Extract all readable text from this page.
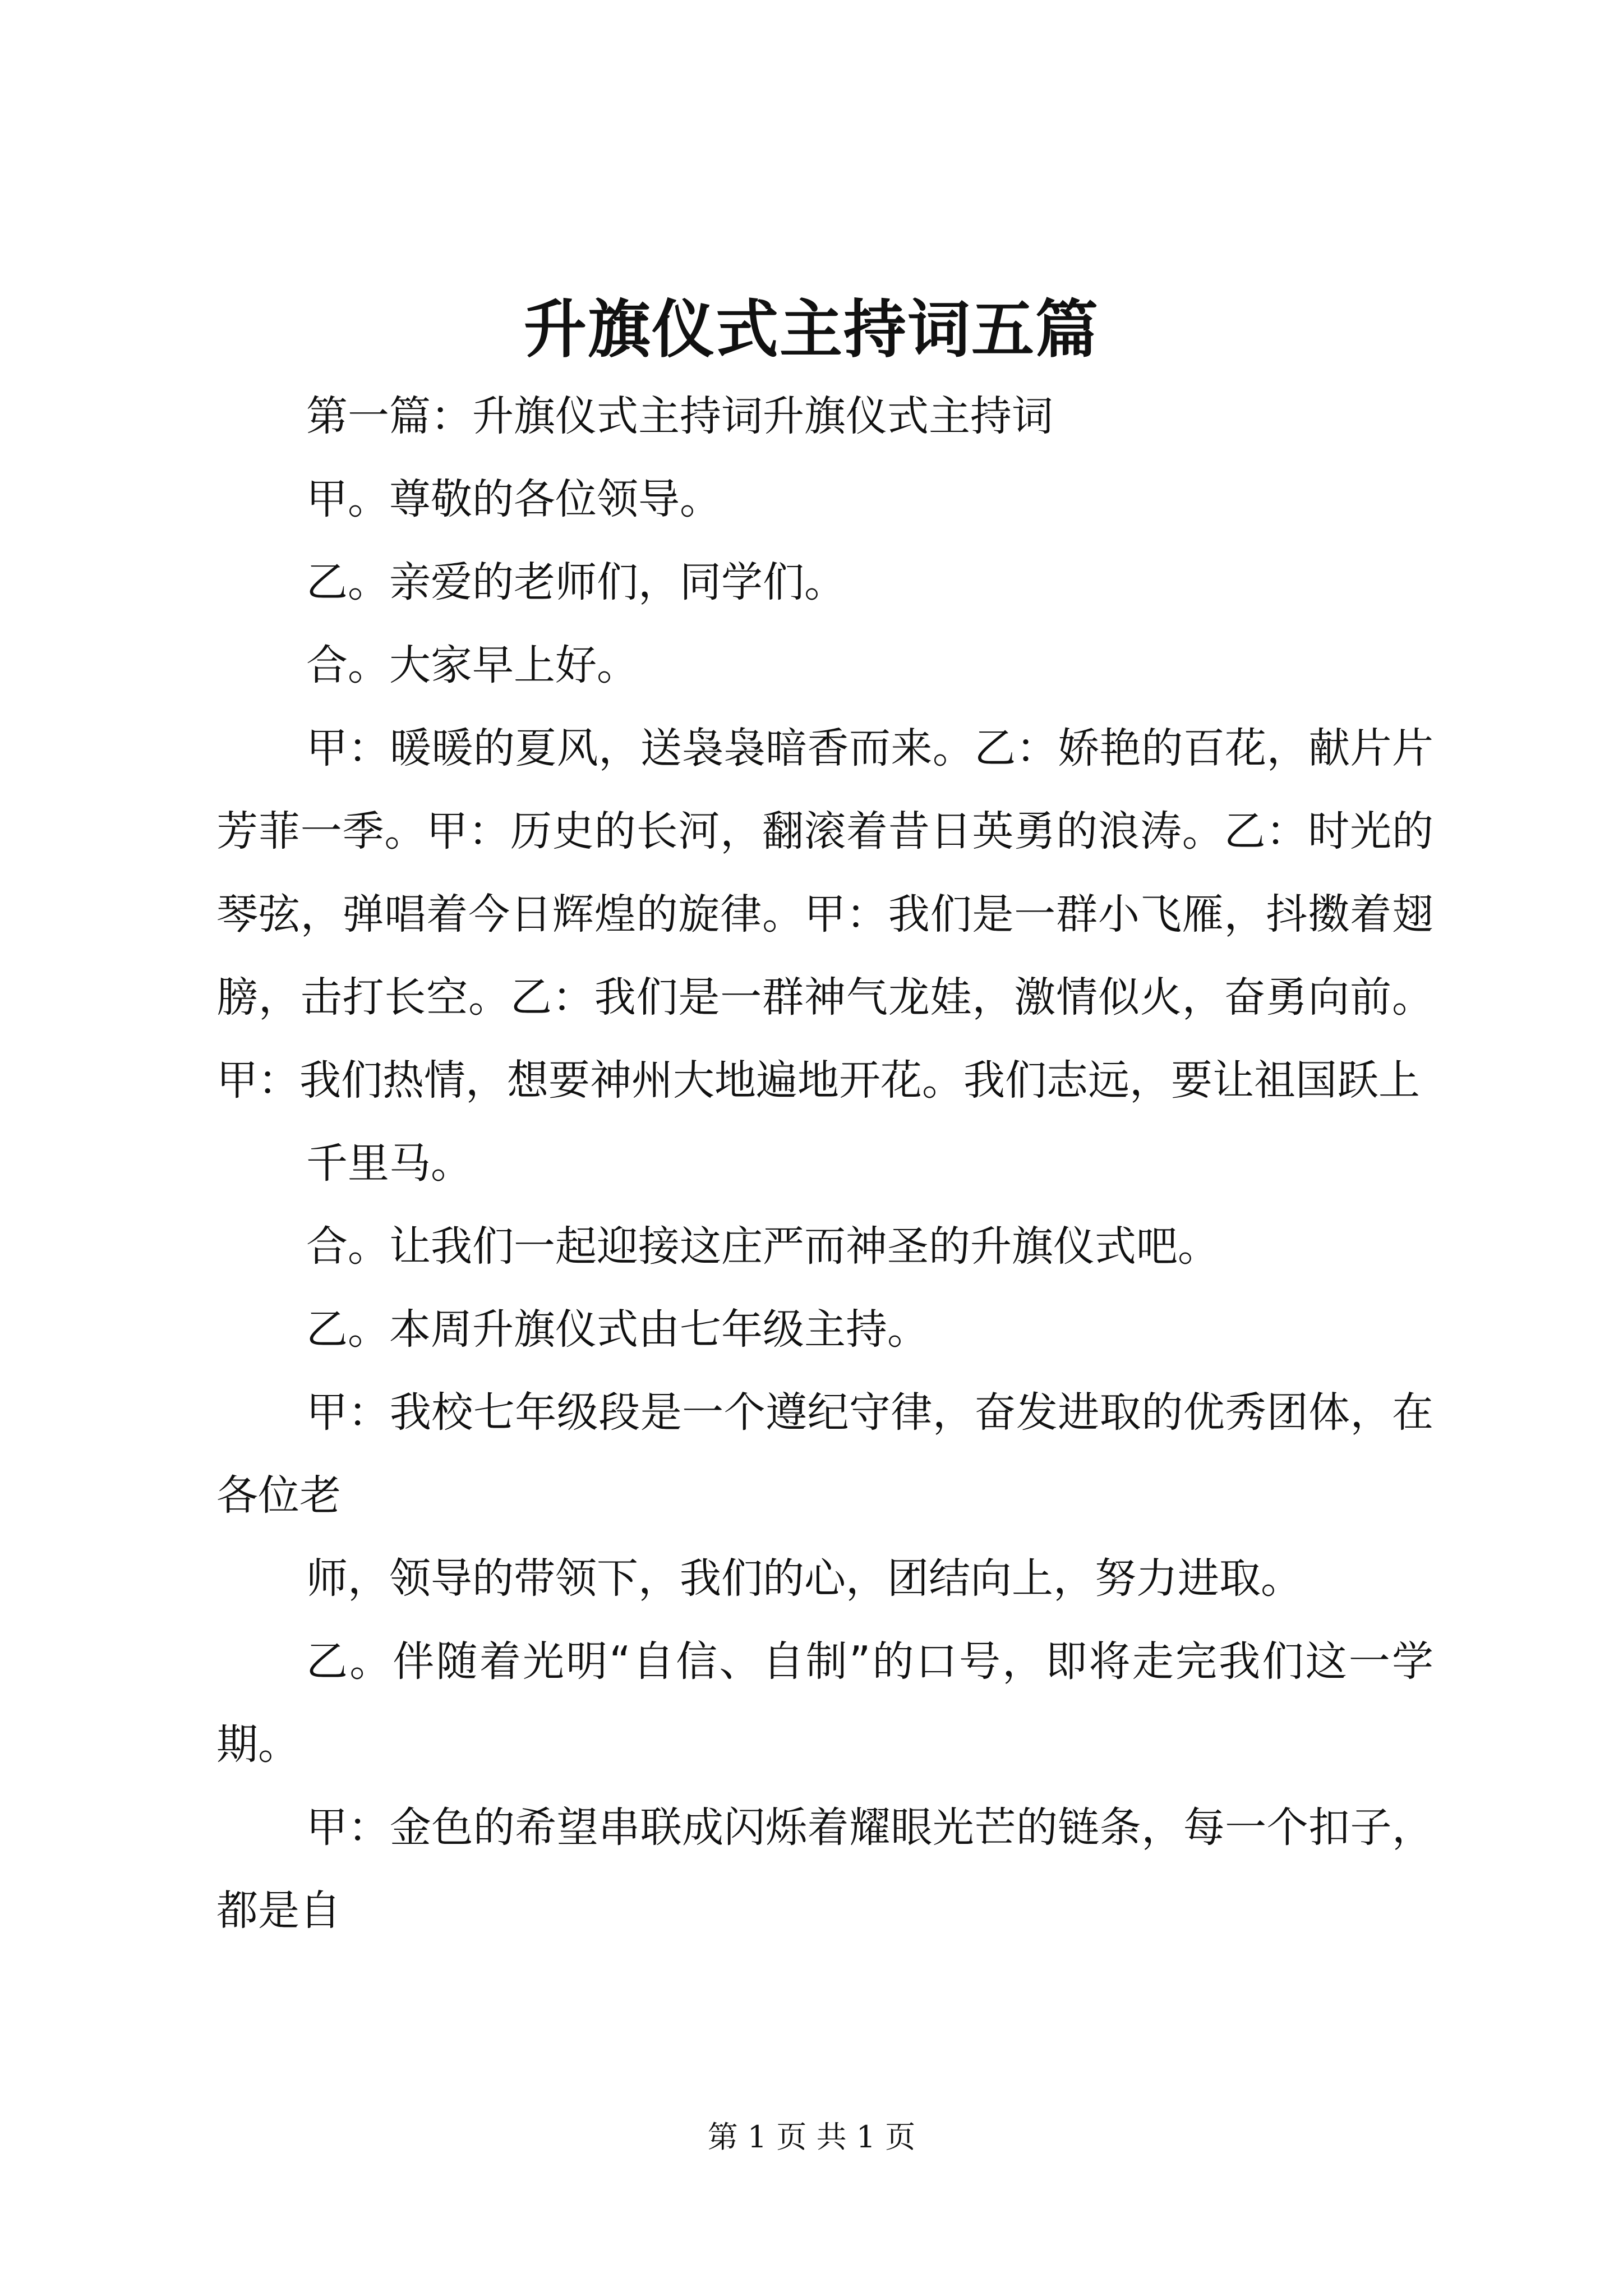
升旗仪式主持词五篇

第一篇：升旗仪式主持词升旗仪式主持词

甲。尊敬的各位领导。

乙。亲爱的老师们，同学们。

合。大家早上好。

甲：暖暖的夏风，送袅袅暗香而来。乙：娇艳的百花，献片片芳菲一季。甲：历史的长河，翻滚着昔日英勇的浪涛。乙：时光的琴弦，弹唱着今日辉煌的旋律。甲：我们是一群小飞雁，抖擞着翅膀，击打长空。乙：我们是一群神气龙娃，激情似火，奋勇向前。甲：我们热情，想要神州大地遍地开花。我们志远，要让祖国跃上

千里马。

合。让我们一起迎接这庄严而神圣的升旗仪式吧。

乙。本周升旗仪式由七年级主持。

甲：我校七年级段是一个遵纪守律，奋发进取的优秀团体，在各位老

师，领导的带领下，我们的心，团结向上，努力进取。

乙。伴随着光明“自信、自制”的口号，即将走完我们这一学期。

甲：金色的希望串联成闪烁着耀眼光芒的链条，每一个扣子，都是自

第 1 页 共 1 页
